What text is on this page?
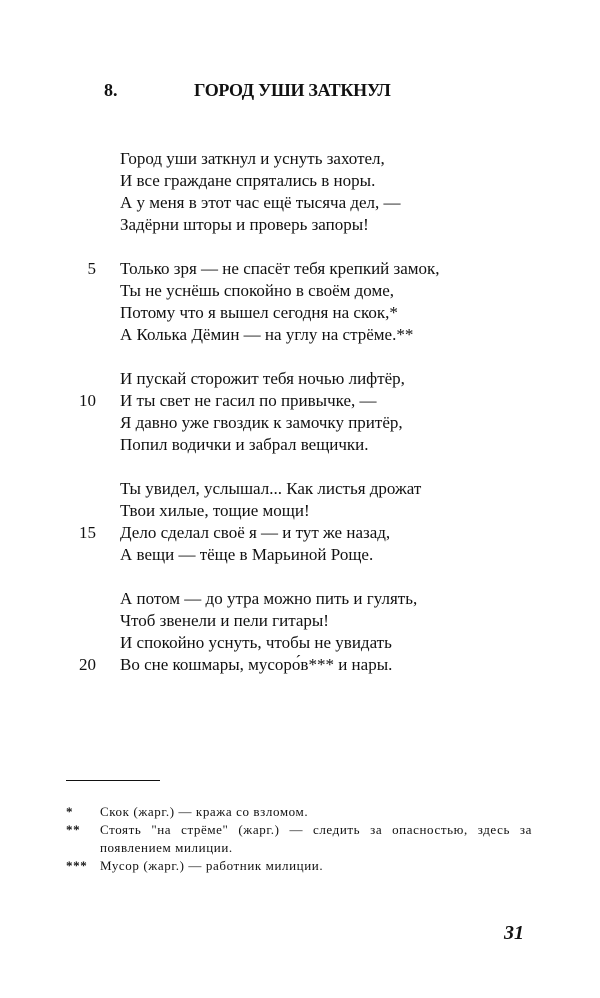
8.	ГОРОД УШИ ЗАТКНУЛ
Город уши заткнул и уснуть захотел,
И все граждане спрятались в норы.
А у меня в этот час ещё тысяча дел, —
Задёрни шторы и проверь запоры!
5 Только зря — не спасёт тебя крепкий замок,
Ты не уснёшь спокойно в своём доме,
Потому что я вышел сегодня на скок,*
А Колька Дёмин — на углу на стрёме.**
И пускай сторожит тебя ночью лифтёр,
10 И ты свет не гасил по привычке, —
Я давно уже гвоздик к замочку притёр,
Попил водички и забрал вещички.
Ты увидел, услышал... Как листья дрожат
Твои хилые, тощие мощи!
15 Дело сделал своё я — и тут же назад,
А вещи — тёще в Марьиной Роще.
А потом — до утра можно пить и гулять,
Чтоб звенели и пели гитары!
И спокойно уснуть, чтобы не увидать
20 Во сне кошмары, мусоро́в*** и нары.
* Скок (жарг.) — кража со взломом.
** Стоять "на стрёме" (жарг.) — следить за опасностью, здесь за появлением милиции.
*** Мусор (жарг.) — работник милиции.
31
